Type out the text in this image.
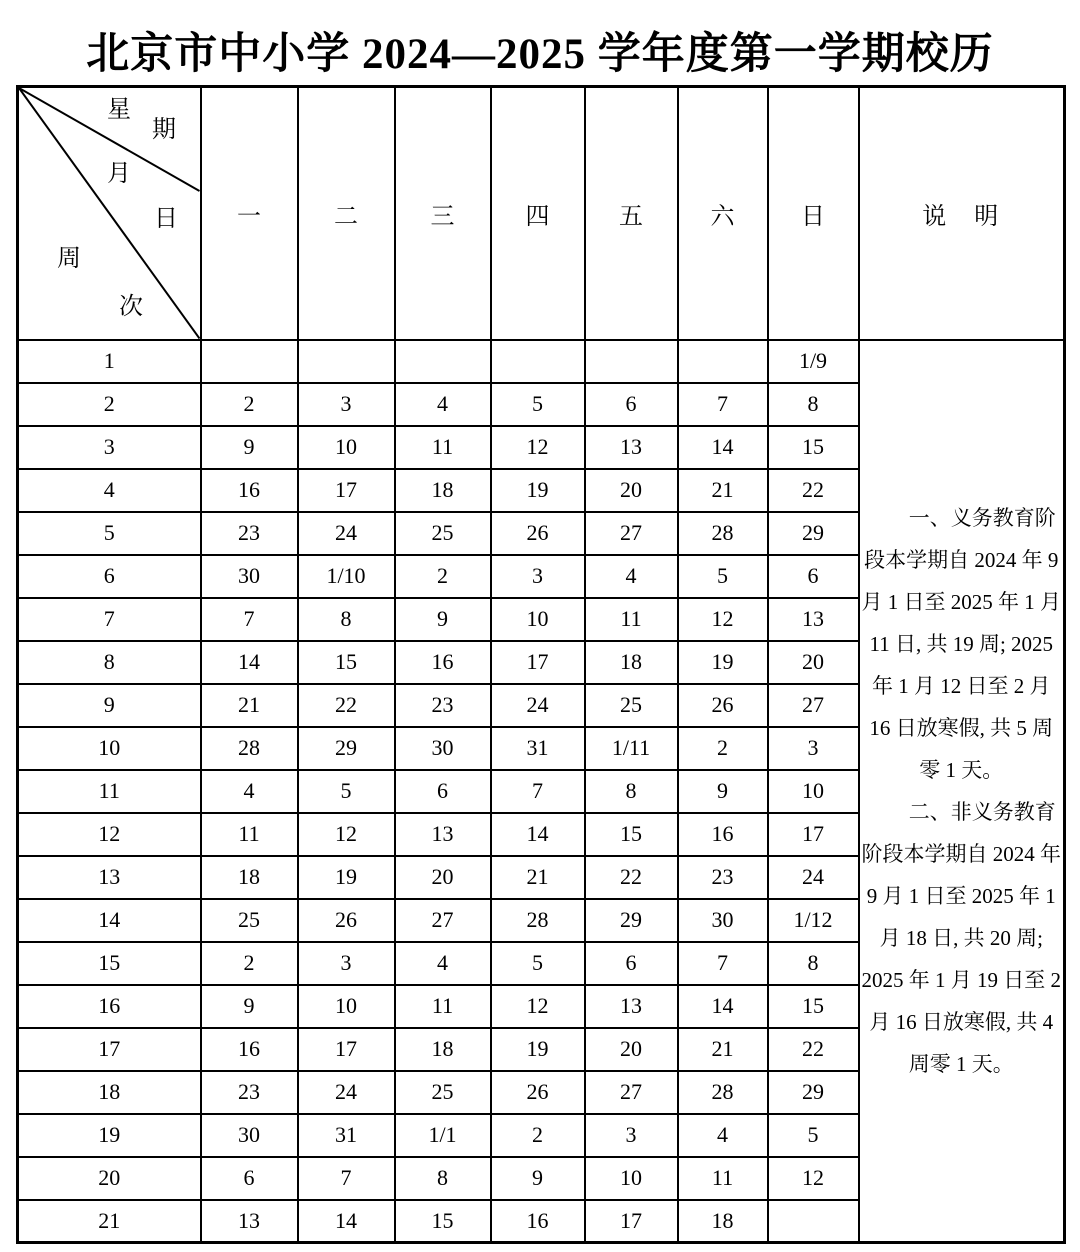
北京市中小学 2024—2025 学年度第一学期校历
星
期
月
日
周
次
	一	二	三	四	五	六	日	说　明
1							1/9	一、义务教育阶段本学期自 2024 年 9 月 1 日至 2025 年 1 月 11 日, 共 19 周; 2025 年 1 月 12 日至 2 月 16 日放寒假, 共 5 周零 1 天。

二、非义务教育阶段本学期自 2024 年 9 月 1 日至 2025 年 1 月 18 日, 共 20 周; 2025 年 1 月 19 日至 2 月 16 日放寒假, 共 4 周零 1 天。

2	2	3	4	5	6	7	8	
3	9	10	11	12	13	14	15	
4	16	17	18	19	20	21	22	
5	23	24	25	26	27	28	29	
6	30	1/10	2	3	4	5	6	
7	7	8	9	10	11	12	13	
8	14	15	16	17	18	19	20	
9	21	22	23	24	25	26	27	
10	28	29	30	31	1/11	2	3	
11	4	5	6	7	8	9	10	
12	11	12	13	14	15	16	17	
13	18	19	20	21	22	23	24	
14	25	26	27	28	29	30	1/12	
15	2	3	4	5	6	7	8	
16	9	10	11	12	13	14	15	
17	16	17	18	19	20	21	22	
18	23	24	25	26	27	28	29	
19	30	31	1/1	2	3	4	5	
20	6	7	8	9	10	11	12	
21	13	14	15	16	17	18		
